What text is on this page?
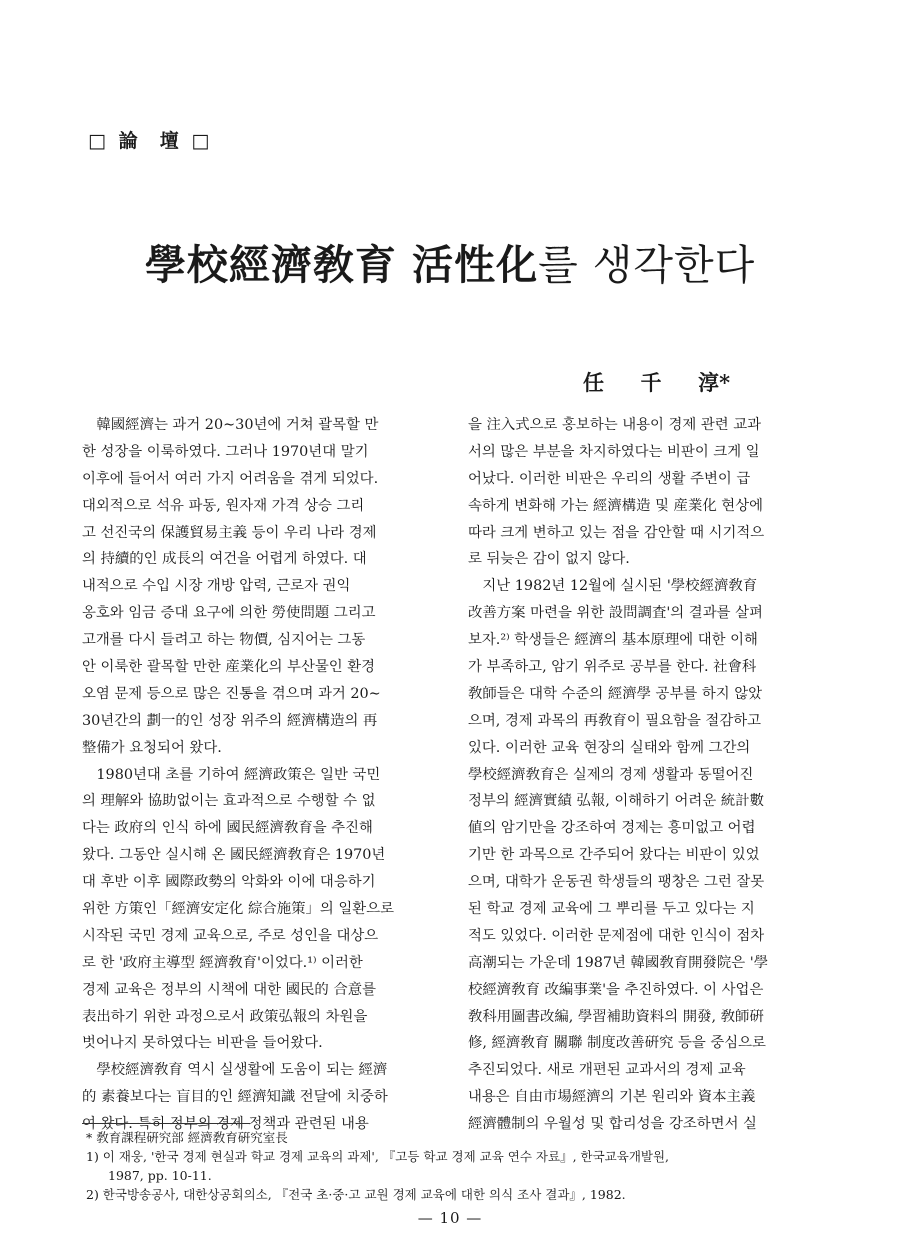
□ 論  壇 □
學校經濟敎育 活性化를 생각한다
任     千     淳*
韓國經濟는 과거 20∼30년에 거쳐 괄목할 만
한 성장을 이룩하였다. 그러나 1970년대 말기
이후에 들어서 여러 가지 어려움을 겪게 되었다.
대외적으로 석유 파동, 원자재 가격 상승 그리
고 선진국의 保護貿易主義 등이 우리 나라 경제
의 持續的인 成長의 여건을 어렵게 하였다. 대
내적으로 수입 시장 개방 압력, 근로자 권익
옹호와 임금 증대 요구에 의한 勞使問題 그리고
고개를 다시 들려고 하는 物價, 심지어는 그동
안 이룩한 괄목할 만한 産業化의 부산물인 환경
오염 문제 등으로 많은 진통을 겪으며 과거 20∼
30년간의 劃一的인 성장 위주의 經濟構造의 再
整備가 요청되어 왔다.
1980년대 초를 기하여 經濟政策은 일반 국민
의 理解와 協助없이는 효과적으로 수행할 수 없
다는 政府의 인식 하에 國民經濟敎育을 추진해
왔다. 그동안 실시해 온 國民經濟敎育은 1970년
대 후반 이후 國際政勢의 악화와 이에 대응하기
위한 方策인「經濟安定化 綜合施策」의 일환으로
시작된 국민 경제 교육으로, 주로 성인을 대상으
로 한 '政府主導型 經濟敎育'이었다.¹⁾ 이러한
경제 교육은 정부의 시책에 대한 國民的 合意를
表出하기 위한 과정으로서 政策弘報의 차원을
벗어나지 못하였다는 비판을 들어왔다.
學校經濟敎育 역시 실생활에 도움이 되는 經濟
的 素養보다는 盲目的인 經濟知識 전달에 치중하
여 왔다. 특히 정부의 경제 정책과 관련된 내용
을 注入式으로 홍보하는 내용이 경제 관련 교과
서의 많은 부분을 차지하였다는 비판이 크게 일
어났다. 이러한 비판은 우리의 생활 주변이 급
속하게 변화해 가는 經濟構造 및 産業化 현상에
따라 크게 변하고 있는 점을 감안할 때 시기적으
로 뒤늦은 감이 없지 않다.
지난 1982년 12월에 실시된 '學校經濟敎育
改善方案 마련을 위한 設問調査'의 결과를 살펴
보자.²⁾ 학생들은 經濟의 基本原理에 대한 이해
가 부족하고, 암기 위주로 공부를 한다. 社會科
敎師들은 대학 수준의 經濟學 공부를 하지 않았
으며, 경제 과목의 再敎育이 필요함을 절감하고
있다. 이러한 교육 현장의 실태와 함께 그간의
學校經濟敎育은 실제의 경제 생활과 동떨어진
정부의 經濟實績 弘報, 이해하기 어려운 統計數
値의 암기만을 강조하여 경제는 흥미없고 어렵
기만 한 과목으로 간주되어 왔다는 비판이 있었
으며, 대학가 운동권 학생들의 팽창은 그런 잘못
된 학교 경제 교육에 그 뿌리를 두고 있다는 지
적도 있었다. 이러한 문제점에 대한 인식이 점차
高潮되는 가운데 1987년 韓國敎育開發院은 '學
校經濟敎育 改編事業'을 추진하였다. 이 사업은
敎科用圖書改編, 學習補助資料의 開發, 敎師硏
修, 經濟敎育 關聯 制度改善硏究 등을 중심으로
추진되었다. 새로 개편된 교과서의 경제 교육
내용은 自由市場經濟의 기본 원리와 資本主義
經濟體制의 우월성 및 합리성을 강조하면서 실
* 敎育課程硏究部 經濟敎育硏究室長
1) 이 재웅, '한국 경제 현실과 학교 경제 교육의 과제', 『고등 학교 경제 교육 연수 자료』, 한국교육개발원,
1987, pp. 10-11.
2) 한국방송공사, 대한상공회의소, 『전국 초·중·고 교원 경제 교육에 대한 의식 조사 결과』, 1982.
— 10 —
